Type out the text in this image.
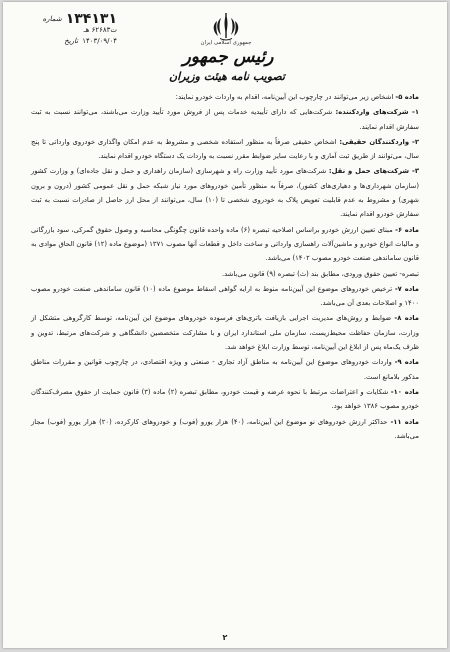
۱۳۴۱۳۱
شماره
ت۶۲۶۸۳ هـ
۱۴۰۳/۰۹/۰۴
تاریخ	جمهوری اسلامی ایران
رئیس جمهور
تصویب نامه هیئت وزیران

ماده ۵- اشخاص زیر می‌توانند در چارچوب این آیین‌نامه، اقدام به واردات خودرو نمایند:

۱- شرکت‌های واردکننده: شرکت‌هایی که دارای تأییدیه خدمات پس از فروش مورد تأیید وزارت می‌باشند، می‌توانند نسبت به ثبت سفارش اقدام نمایند.

۲- واردکنندگان حقیقی: اشخاص حقیقی صرفاً به منظور استفاده شخصی و مشروط به عدم امکان واگذاری خودروی وارداتی تا پنج سال، می‌توانند از طریق ثبت آماری و با رعایت سایر ضوابط مقرر نسبت به واردات یک دستگاه خودرو اقدام نمایند.

۳- شرکت‌های حمل و نقل: شرکت‌های مورد تأیید وزارت راه و شهرسازی (سازمان راهداری و حمل و نقل جاده‌ای) و وزارت کشور (سازمان شهرداری‌ها و دهیاری‌های کشور)، صرفاً به منظور تأمین خودروهای مورد نیاز شبکه حمل و نقل عمومی کشور (درون و برون شهری) و مشروط به عدم قابلیت تعویض پلاک به خودروی شخصی تا (۱۰) سال، می‌توانند از محل ارز حاصل از صادرات نسبت به ثبت سفارش خودرو اقدام نمایند.

ماده ۶- مبنای تعیین ارزش خودرو براساس اصلاحیه تبصره (۶) ماده واحده قانون چگونگی محاسبه و وصول حقوق گمرکی، سود بازرگانی و مالیات انواع خودرو و ماشین‌آلات راهسازی وارداتی و ساخت داخل و قطعات آنها مصوب ۱۳۷۱ (موضوع ماده (۱۲) قانون الحاق موادی به قانون ساماندهی صنعت خودرو مصوب ۱۴۰۲) می‌باشد.

تبصره- تعیین حقوق ورودی، مطابق بند (ث) تبصره (۹) قانون می‌باشد.

ماده ۷- ترخیص خودروهای موضوع این آیین‌نامه منوط به ارایه گواهی اسقاط موضوع ماده (۱۰) قانون ساماندهی صنعت خودرو مصوب ۱۴۰۰ و اصلاحات بعدی آن می‌باشد.

ماده ۸- ضوابط و روش‌های مدیریت اجرایی بازیافت باتری‌های فرسوده خودروهای موضوع این آیین‌نامه، توسط کارگروهی متشکل از وزارت، سازمان حفاظت محیط‌زیست، سازمان ملی استاندارد ایران و با مشارکت متخصصین دانشگاهی و شرکت‌های مرتبط، تدوین و ظرف یک‌ماه پس از ابلاغ این آیین‌نامه، توسط وزارت ابلاغ خواهد شد.

ماده ۹- واردات خودروهای موضوع این آیین‌نامه به مناطق آزاد تجاری - صنعتی و ویژه اقتصادی، در چارچوب قوانین و مقررات مناطق مذکور بلامانع است.

ماده ۱۰- شکایات و اعتراضات مرتبط با نحوه عرضه و قیمت خودرو، مطابق تبصره (۲) ماده (۳) قانون حمایت از حقوق مصرف‌کنندگان خودرو مصوب ۱۳۸۶ خواهد بود.

ماده ۱۱- حداکثر ارزش خودروهای نو موضوع این آیین‌نامه، (۴۰) هزار یورو (فوب) و خودروهای کارکرده، (۲۰) هزار یورو (فوب) مجاز می‌باشد.

۲
